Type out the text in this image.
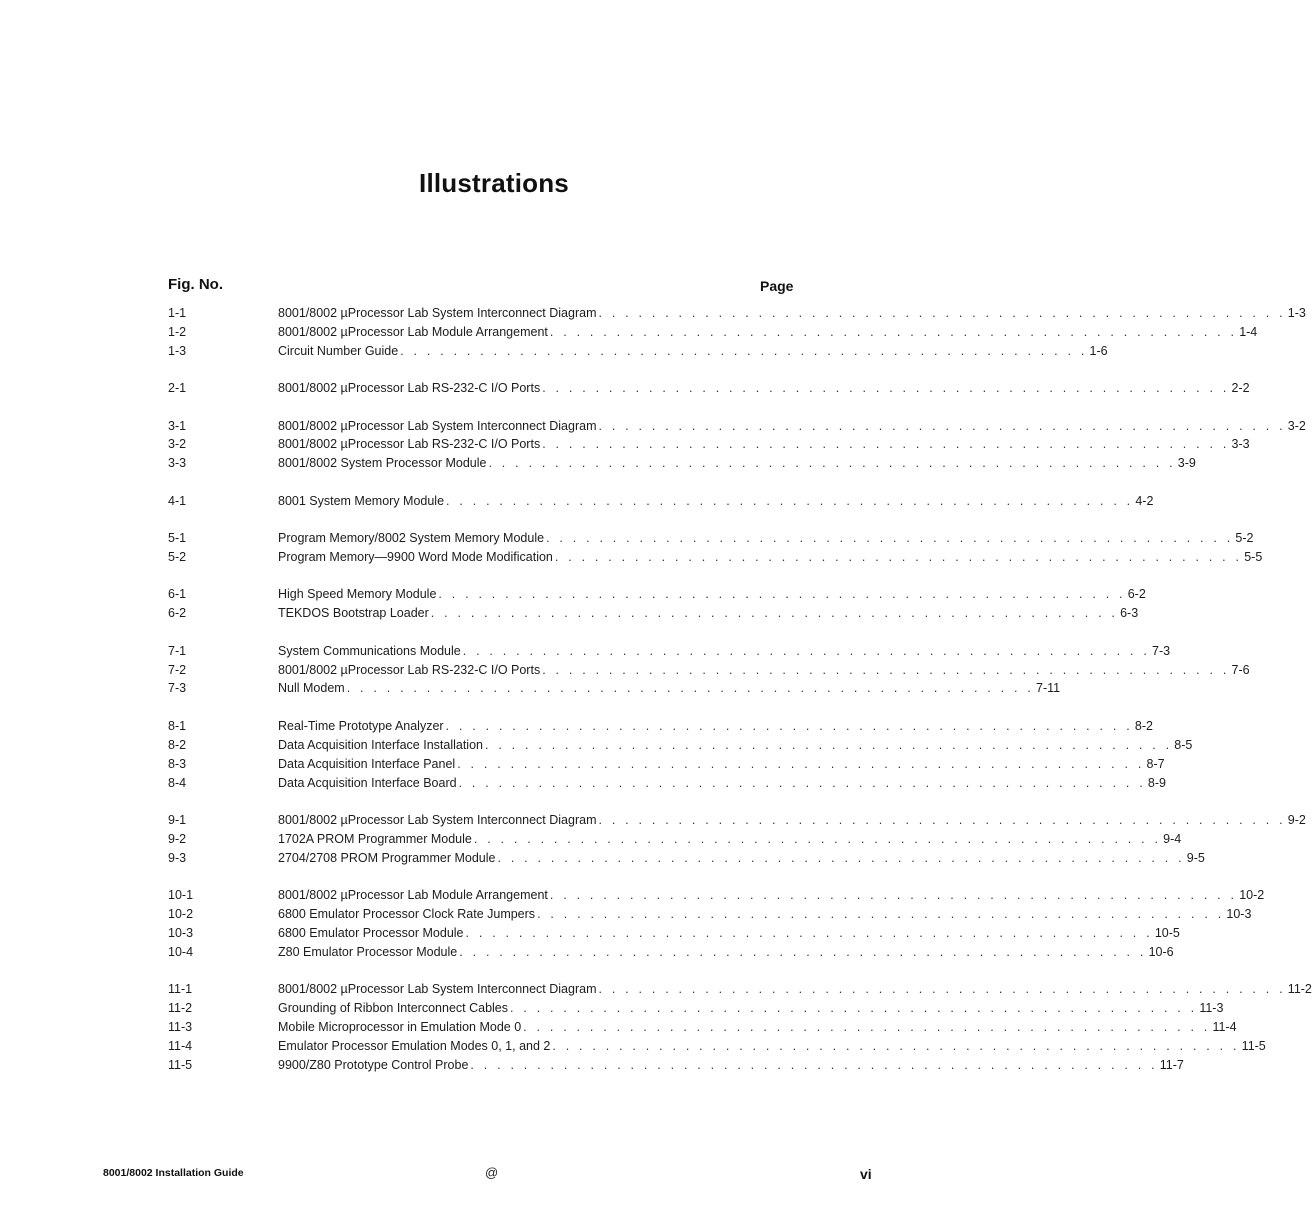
Illustrations
Fig. No.	Page
1-1	8001/8002 µProcessor Lab System Interconnect Diagram . . . . . . . . . . . . . . . . . . . . . . . . . . . . . . . . . . . . . . . . . . . . . . . . . . . . 1-3
1-2	8001/8002 µProcessor Lab Module Arrangement . . . . . . . . . . . . . . . . . . . . . . . . . . . . . . . . . . . . . . . . . . . . . . . . . . . . 1-4
1-3	Circuit Number Guide . . . . . . . . . . . . . . . . . . . . . . . . . . . . . . . . . . . . . . . . . . . . . . . . . . . . 1-6
2-1	8001/8002 µProcessor Lab RS-232-C I/O Ports . . . . . . . . . . . . . . . . . . . . . . . . . . . . . . . . . . . . . . . . . . . . . . . . . . . . 2-2
3-1	8001/8002 µProcessor Lab System Interconnect Diagram . . . . . . . . . . . . . . . . . . . . . . . . . . . . . . . . . . . . . . . . . . . . . . . . . . . . 3-2
3-2	8001/8002 µProcessor Lab RS-232-C I/O Ports . . . . . . . . . . . . . . . . . . . . . . . . . . . . . . . . . . . . . . . . . . . . . . . . . . . . 3-3
3-3	8001/8002 System Processor Module . . . . . . . . . . . . . . . . . . . . . . . . . . . . . . . . . . . . . . . . . . . . . . . . . . . . 3-9
4-1	8001 System Memory Module . . . . . . . . . . . . . . . . . . . . . . . . . . . . . . . . . . . . . . . . . . . . . . . . . . . . 4-2
5-1	Program Memory/8002 System Memory Module . . . . . . . . . . . . . . . . . . . . . . . . . . . . . . . . . . . . . . . . . . . . . . . . . . . . 5-2
5-2	Program Memory—9900 Word Mode Modification . . . . . . . . . . . . . . . . . . . . . . . . . . . . . . . . . . . . . . . . . . . . . . . . . . . . 5-5
6-1	High Speed Memory Module . . . . . . . . . . . . . . . . . . . . . . . . . . . . . . . . . . . . . . . . . . . . . . . . . . . . 6-2
6-2	TEKDOS Bootstrap Loader . . . . . . . . . . . . . . . . . . . . . . . . . . . . . . . . . . . . . . . . . . . . . . . . . . . . 6-3
7-1	System Communications Module . . . . . . . . . . . . . . . . . . . . . . . . . . . . . . . . . . . . . . . . . . . . . . . . . . . . 7-3
7-2	8001/8002 µProcessor Lab RS-232-C I/O Ports . . . . . . . . . . . . . . . . . . . . . . . . . . . . . . . . . . . . . . . . . . . . . . . . . . . . 7-6
7-3	Null Modem . . . . . . . . . . . . . . . . . . . . . . . . . . . . . . . . . . . . . . . . . . . . . . . . . . . . 7-11
8-1	Real-Time Prototype Analyzer . . . . . . . . . . . . . . . . . . . . . . . . . . . . . . . . . . . . . . . . . . . . . . . . . . . . 8-2
8-2	Data Acquisition Interface Installation . . . . . . . . . . . . . . . . . . . . . . . . . . . . . . . . . . . . . . . . . . . . . . . . . . . . 8-5
8-3	Data Acquisition Interface Panel . . . . . . . . . . . . . . . . . . . . . . . . . . . . . . . . . . . . . . . . . . . . . . . . . . . . 8-7
8-4	Data Acquisition Interface Board . . . . . . . . . . . . . . . . . . . . . . . . . . . . . . . . . . . . . . . . . . . . . . . . . . . . 8-9
9-1	8001/8002 µProcessor Lab System Interconnect Diagram . . . . . . . . . . . . . . . . . . . . . . . . . . . . . . . . . . . . . . . . . . . . . . . . . . . . 9-2
9-2	1702A PROM Programmer Module . . . . . . . . . . . . . . . . . . . . . . . . . . . . . . . . . . . . . . . . . . . . . . . . . . . . 9-4
9-3	2704/2708 PROM Programmer Module . . . . . . . . . . . . . . . . . . . . . . . . . . . . . . . . . . . . . . . . . . . . . . . . . . . . 9-5
10-1	8001/8002 µProcessor Lab Module Arrangement . . . . . . . . . . . . . . . . . . . . . . . . . . . . . . . . . . . . . . . . . . . . . . . . . . . . 10-2
10-2	6800 Emulator Processor Clock Rate Jumpers . . . . . . . . . . . . . . . . . . . . . . . . . . . . . . . . . . . . . . . . . . . . . . . . . . . . 10-3
10-3	6800 Emulator Processor Module . . . . . . . . . . . . . . . . . . . . . . . . . . . . . . . . . . . . . . . . . . . . . . . . . . . . 10-5
10-4	Z80 Emulator Processor Module . . . . . . . . . . . . . . . . . . . . . . . . . . . . . . . . . . . . . . . . . . . . . . . . . . . . 10-6
11-1	8001/8002 µProcessor Lab System Interconnect Diagram . . . . . . . . . . . . . . . . . . . . . . . . . . . . . . . . . . . . . . . . . . . . . . . . . . . . 11-2
11-2	Grounding of Ribbon Interconnect Cables . . . . . . . . . . . . . . . . . . . . . . . . . . . . . . . . . . . . . . . . . . . . . . . . . . . . 11-3
11-3	Mobile Microprocessor in Emulation Mode 0 . . . . . . . . . . . . . . . . . . . . . . . . . . . . . . . . . . . . . . . . . . . . . . . . . . . . 11-4
11-4	Emulator Processor Emulation Modes 0, 1, and 2 . . . . . . . . . . . . . . . . . . . . . . . . . . . . . . . . . . . . . . . . . . . . . . . . . . . . 11-5
11-5	9900/Z80 Prototype Control Probe . . . . . . . . . . . . . . . . . . . . . . . . . . . . . . . . . . . . . . . . . . . . . . . . . . . . 11-7
8001/8002 Installation Guide	@	vi
